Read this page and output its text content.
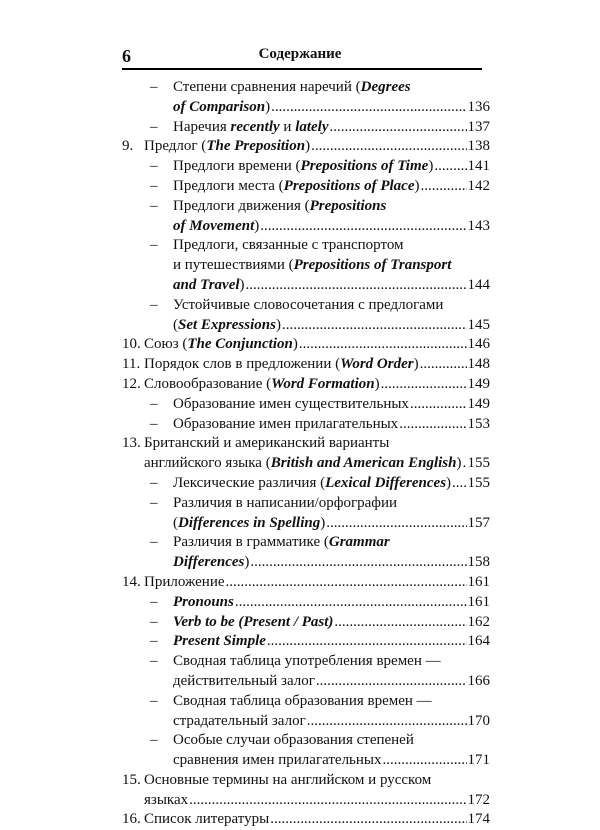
6	Содержание
– Степени сравнения наречий (Degrees
of Comparison) .....	136
– Наречия recently и lately .....	137
9. Предлог (The Preposition) .....	138
– Предлоги времени (Prepositions of Time) ..... 141
– Предлоги места (Prepositions of Place) .....	142
– Предлоги движения (Prepositions
of Movement) .....	143
– Предлоги, связанные с транспортом
и путешествиями (Prepositions of Transport
and Travel) .....	144
– Устойчивые словосочетания с предлогами
(Set Expressions) .....	145
10. Союз (The Conjunction) .....	146
11. Порядок слов в предложении (Word Order) .....	148
12. Словообразование (Word Formation) .....	149
– Образование имен существительных .....	149
– Образование имен прилагательных .....	153
13. Британский и американский варианты
английского языка (British and American English) ..... 155
– Лексические различия (Lexical Differences) ..... 155
– Различия в написании/орфографии
(Differences in Spelling) .....	157
– Различия в грамматике (Grammar
Differences) .....	158
14. Приложение .....	161
– Pronouns .....	161
– Verb to be (Present / Past) .....	162
– Present Simple .....	164
– Сводная таблица употребления времен —
действительный залог .....	166
– Сводная таблица образования времен —
страдательный залог .....	170
– Особые случаи образования степеней
сравнения имен прилагательных .....	171
15. Основные термины на английском и русском
языках .....	172
16. Список литературы .....	174
